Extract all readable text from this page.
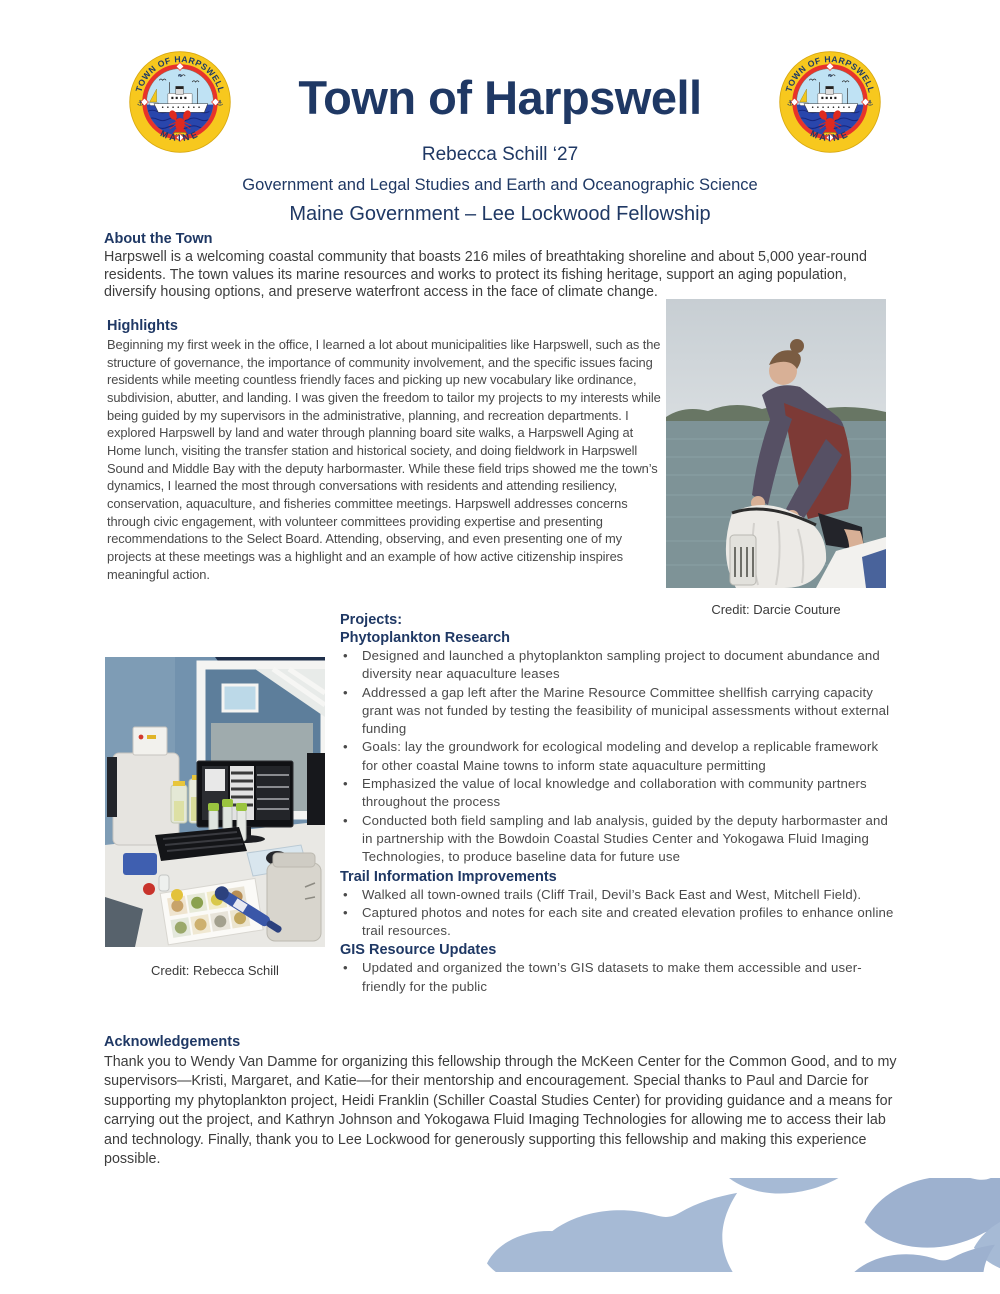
Town of Harpswell
Rebecca Schill ‘27
Government and Legal Studies and Earth and Oceanographic Science
Maine Government – Lee Lockwood Fellowship
About the Town

Harpswell is a welcoming coastal community that boasts 216 miles of breathtaking shoreline and about 5,000 year-round residents. The town values its marine resources and works to protect its fishing heritage, support an aging population, diversify housing options, and preserve waterfront access in the face of climate change.

Highlights

Beginning my first week in the office, I learned a lot about municipalities like Harpswell, such as the structure of governance, the importance of community involvement, and the specific issues facing residents while meeting countless friendly faces and picking up new vocabulary like ordinance, subdivision, abutter, and landing. I was given the freedom to tailor my projects to my interests while being guided by my supervisors in the administrative, planning, and recreation departments. I explored Harpswell by land and water through planning board site walks, a Harpswell Aging at Home lunch, visiting the transfer station and historical society, and doing fieldwork in Harpswell Sound and Middle Bay with the deputy harbormaster. While these field trips showed me the town’s dynamics, I learned the most through conversations with residents and attending resiliency, conservation, aquaculture, and fisheries committee meetings. Harpswell addresses concerns through civic engagement, with volunteer committees providing expertise and presenting recommendations to the Select Board. Attending, observing, and even presenting one of my projects at these meetings was a highlight and an example of how active citizenship inspires meaningful action.

Credit: Darcie Couture
Projects:
Phytoplankton Research
• Designed and launched a phytoplankton sampling project to document abundance and diversity near aquaculture leases
• Addressed a gap left after the Marine Resource Committee shellfish carrying capacity grant was not funded by testing the feasibility of municipal assessments without external funding
• Goals: lay the groundwork for ecological modeling and develop a replicable framework for other coastal Maine towns to inform state aquaculture permitting
• Emphasized the value of local knowledge and collaboration with community partners throughout the process
• Conducted both field sampling and lab analysis, guided by the deputy harbormaster and in partnership with the Bowdoin Coastal Studies Center and Yokogawa Fluid Imaging Technologies, to produce baseline data for future use
Trail Information Improvements
• Walked all town-owned trails (Cliff Trail, Devil’s Back East and West, Mitchell Field).
• Captured photos and notes for each site and created elevation profiles to enhance online trail resources.
GIS Resource Updates
• Updated and organized the town’s GIS datasets to make them accessible and user-friendly for the public
Credit: Rebecca Schill
Acknowledgements

Thank you to Wendy Van Damme for organizing this fellowship through the McKeen Center for the Common Good, and to my supervisors—Kristi, Margaret, and Katie—for their mentorship and encouragement. Special thanks to Paul and Darcie for supporting my phytoplankton project, Heidi Franklin (Schiller Coastal Studies Center) for providing guidance and a means for carrying out the project, and Kathryn Johnson and Yokogawa Fluid Imaging Technologies for allowing me to access their lab and technology. Finally, thank you to Lee Lockwood for generously supporting this fellowship and making this experience possible.
